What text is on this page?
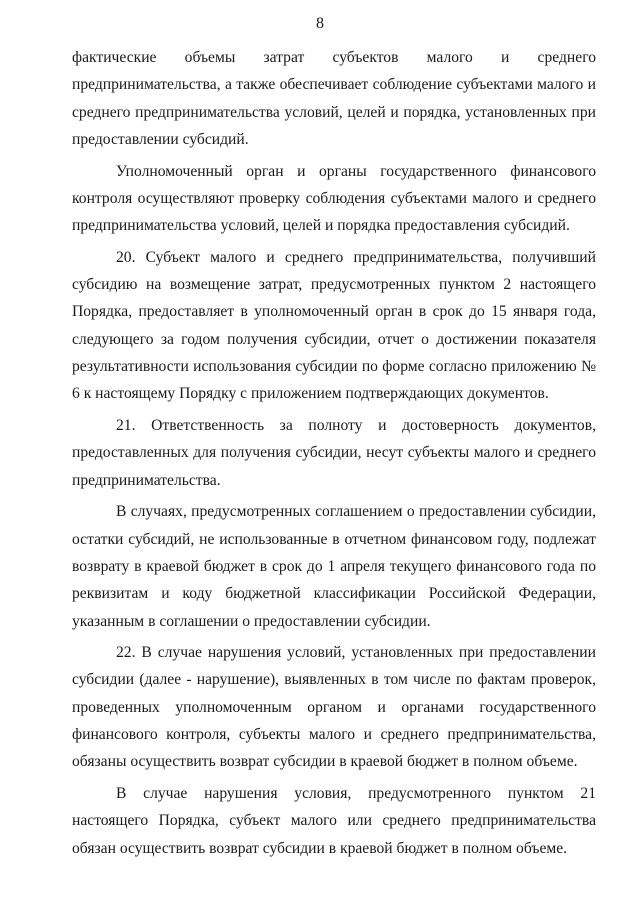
8

фактические объемы затрат субъектов малого и среднего предпринимательства, а также обеспечивает соблюдение субъектами малого и среднего предпринимательства условий, целей и порядка, установленных при предоставлении субсидий.

Уполномоченный орган и органы государственного финансового контроля осуществляют проверку соблюдения субъектами малого и среднего предпринимательства условий, целей и порядка предоставления субсидий.

20. Субъект малого и среднего предпринимательства, получивший субсидию на возмещение затрат, предусмотренных пунктом 2 настоящего Порядка, предоставляет в уполномоченный орган в срок до 15 января года, следующего за годом получения субсидии, отчет о достижении показателя результативности использования субсидии по форме согласно приложению № 6 к настоящему Порядку с приложением подтверждающих документов.

21. Ответственность за полноту и достоверность документов, предоставленных для получения субсидии, несут субъекты малого и среднего предпринимательства.

В случаях, предусмотренных соглашением о предоставлении субсидии, остатки субсидий, не использованные в отчетном финансовом году, подлежат возврату в краевой бюджет в срок до 1 апреля текущего финансового года по реквизитам и коду бюджетной классификации Российской Федерации, указанным в соглашении о предоставлении субсидии.

22. В случае нарушения условий, установленных при предоставлении субсидии (далее - нарушение), выявленных в том числе по фактам проверок, проведенных уполномоченным органом и органами государственного финансового контроля, субъекты малого и среднего предпринимательства, обязаны осуществить возврат субсидии в краевой бюджет в полном объеме.

В случае нарушения условия, предусмотренного пунктом 21 настоящего Порядка, субъект малого или среднего предпринимательства обязан осуществить возврат субсидии в краевой бюджет в полном объеме.
